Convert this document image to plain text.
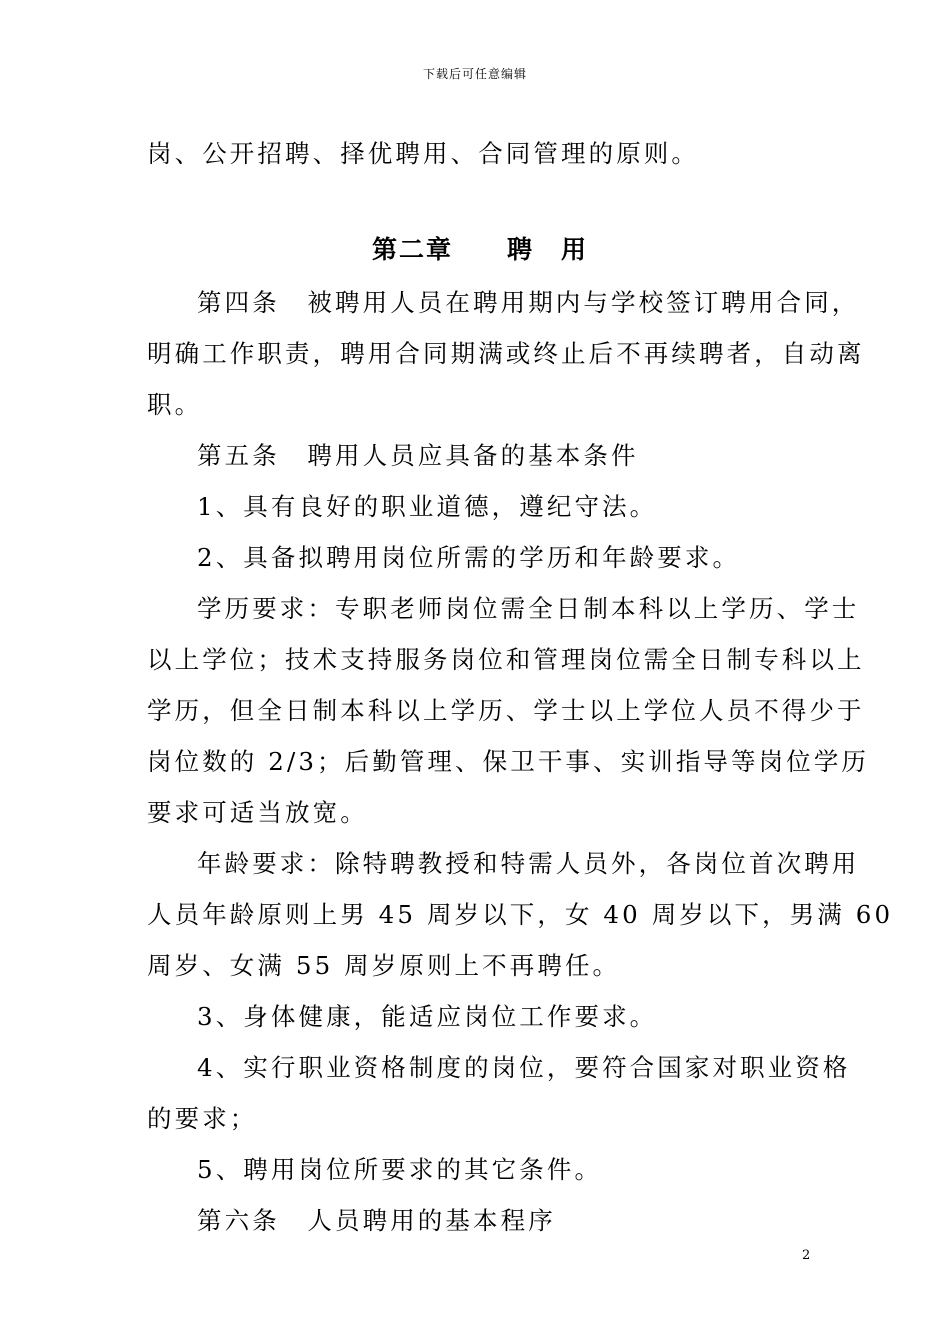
下载后可任意编辑
岗、公开招聘、择优聘用、合同管理的原则。
第二章　　聘　用
第四条　被聘用人员在聘用期内与学校签订聘用合同，
明确工作职责，聘用合同期满或终止后不再续聘者，自动离
职。
第五条　聘用人员应具备的基本条件
1、具有良好的职业道德，遵纪守法。
2、具备拟聘用岗位所需的学历和年龄要求。
学历要求：专职老师岗位需全日制本科以上学历、学士
以上学位；技术支持服务岗位和管理岗位需全日制专科以上
学历，但全日制本科以上学历、学士以上学位人员不得少于
岗位数的 2/3；后勤管理、保卫干事、实训指导等岗位学历
要求可适当放宽。
年龄要求：除特聘教授和特需人员外，各岗位首次聘用
人员年龄原则上男 45 周岁以下，女 40 周岁以下，男满 60
周岁、女满 55 周岁原则上不再聘任。
3、身体健康，能适应岗位工作要求。
4、实行职业资格制度的岗位，要符合国家对职业资格
的要求；
5、聘用岗位所要求的其它条件。
第六条　人员聘用的基本程序
2
